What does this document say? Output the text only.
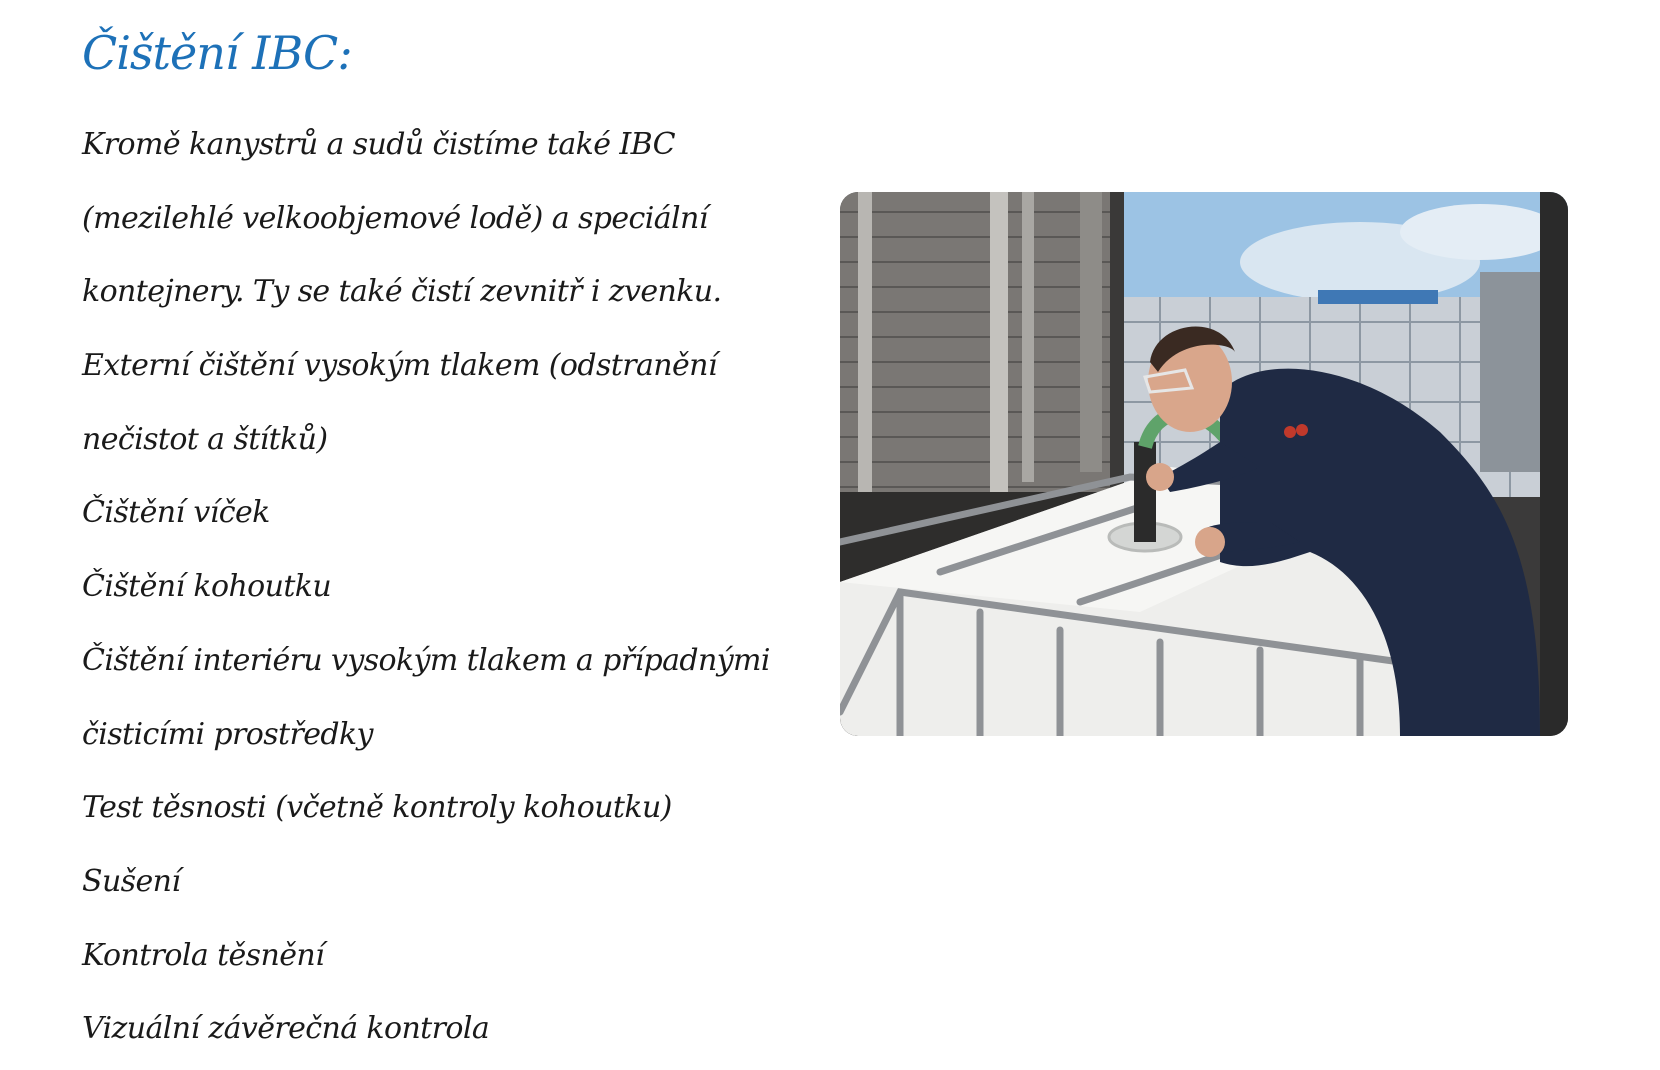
Čištění IBC:
Kromě kanystrů a sudů čistíme také IBC
(mezilehlé velkoobjemové lodě) a speciální
kontejnery. Ty se také čistí zevnitř i zvenku.
Externí čištění vysokým tlakem (odstranění
nečistot a štítků)
Čištění víček
Čištění kohoutku
Čištění interiéru vysokým tlakem a případnými
čisticími prostředky
Test těsnosti (včetně kontroly kohoutku)
Sušení
Kontrola těsnění
Vizuální závěrečná kontrola
